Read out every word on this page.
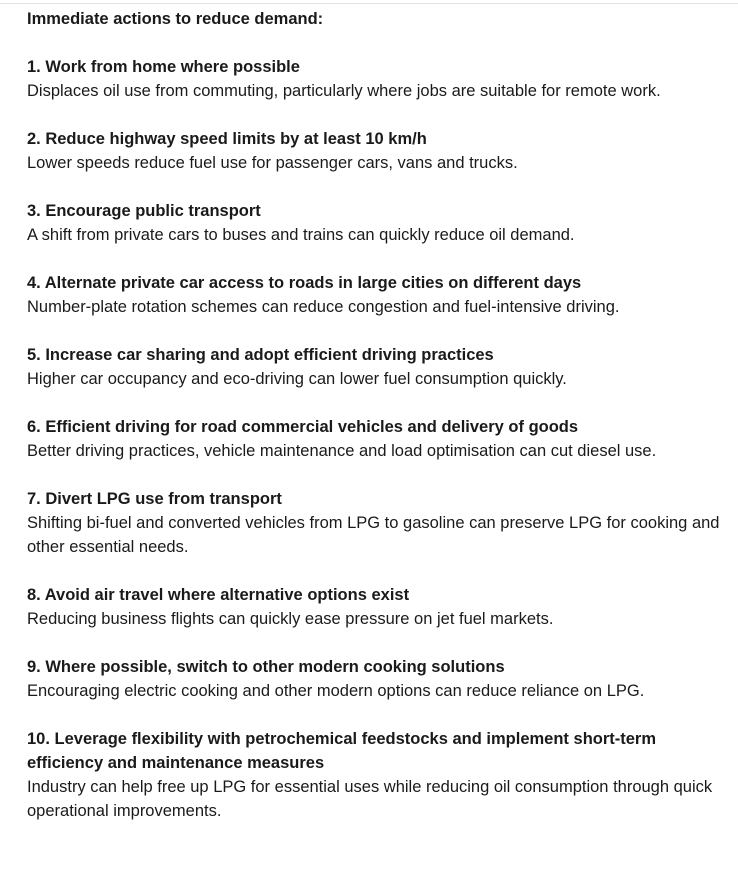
Immediate actions to reduce demand:
1. Work from home where possible
Displaces oil use from commuting, particularly where jobs are suitable for remote work.
2. Reduce highway speed limits by at least 10 km/h
Lower speeds reduce fuel use for passenger cars, vans and trucks.
3. Encourage public transport
A shift from private cars to buses and trains can quickly reduce oil demand.
4. Alternate private car access to roads in large cities on different days
Number-plate rotation schemes can reduce congestion and fuel-intensive driving.
5. Increase car sharing and adopt efficient driving practices
Higher car occupancy and eco-driving can lower fuel consumption quickly.
6. Efficient driving for road commercial vehicles and delivery of goods
Better driving practices, vehicle maintenance and load optimisation can cut diesel use.
7. Divert LPG use from transport
Shifting bi-fuel and converted vehicles from LPG to gasoline can preserve LPG for cooking and other essential needs.
8. Avoid air travel where alternative options exist
Reducing business flights can quickly ease pressure on jet fuel markets.
9. Where possible, switch to other modern cooking solutions
Encouraging electric cooking and other modern options can reduce reliance on LPG.
10. Leverage flexibility with petrochemical feedstocks and implement short-term efficiency and maintenance measures
Industry can help free up LPG for essential uses while reducing oil consumption through quick operational improvements.
